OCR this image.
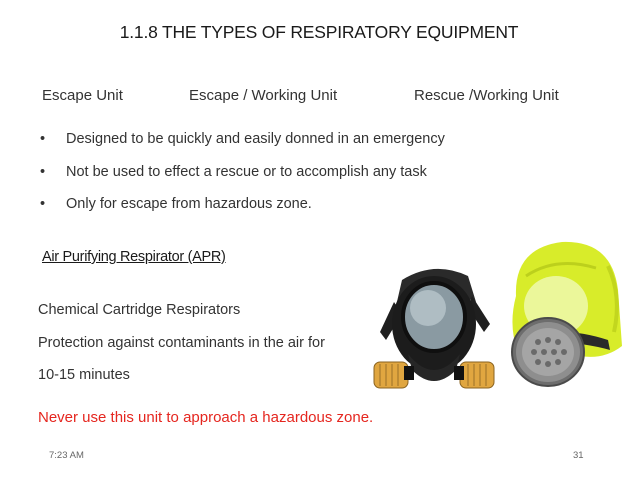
1.1.8 THE TYPES OF RESPIRATORY EQUIPMENT
Escape Unit	Escape / Working Unit	Rescue /Working Unit
• Designed to be quickly and easily donned in an emergency
• Not be used to effect a rescue or to accomplish any task
• Only for escape from hazardous zone.
Air Purifying Respirator (APR)
Chemical Cartridge Respirators
Protection against contaminants in the air for
10-15 minutes
Never use this unit to approach a hazardous zone.
7:23 AM	31
